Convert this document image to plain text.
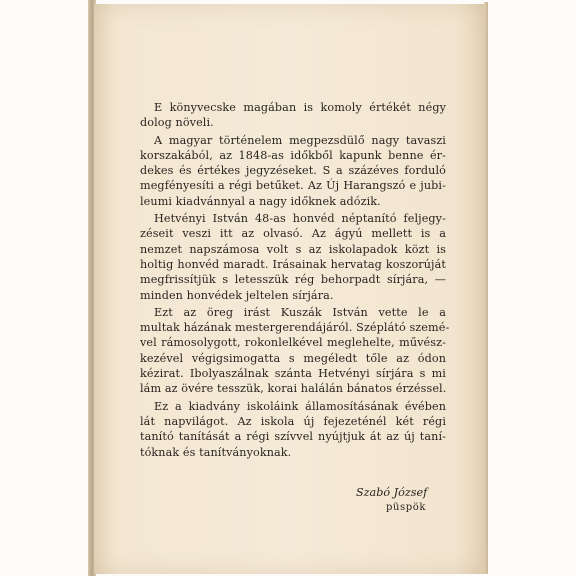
E könyvecske magában is komoly értékét négy
dolog növeli.
A magyar történelem megpezsdülő nagy tavaszi
korszakából, az 1848-as időkből kapunk benne ér-
dekes és értékes jegyzéseket. S a százéves forduló
megfényesíti a régi betűket. Az Új Harangszó e jubi-
leumi kiadvánnyal a nagy időknek adózik.
Hetvényi István 48-as honvéd néptanító feljegy-
zéseit veszi itt az olvasó. Az ágyú mellett is a
nemzet napszámosa volt s az iskolapadok közt is
holtig honvéd maradt. Irásainak hervatag koszorúját
megfrissítjük s letesszük rég behorpadt sírjára, —
minden honvédek jeltelen sírjára.
Ezt az öreg irást Kuszák István vette le a
multak házának mestergerendájáról. Széplátó szemé-
vel rámosolygott, rokonlelkével meglehelte, művész-
kezével végigsimogatta s megéledt tőle az ódon
kézirat. Ibolyaszálnak szánta Hetvényi sírjára s mi
lám az övére tesszük, korai halálán bánatos érzéssel.
Ez a kiadvány iskoláink államosításának évében
lát napvilágot. Az iskola új fejezeténél két régi
tanító tanítását a régi szívvel nyújtjuk át az új taní-
tóknak és tanítványoknak.
Szabó József
püspök
